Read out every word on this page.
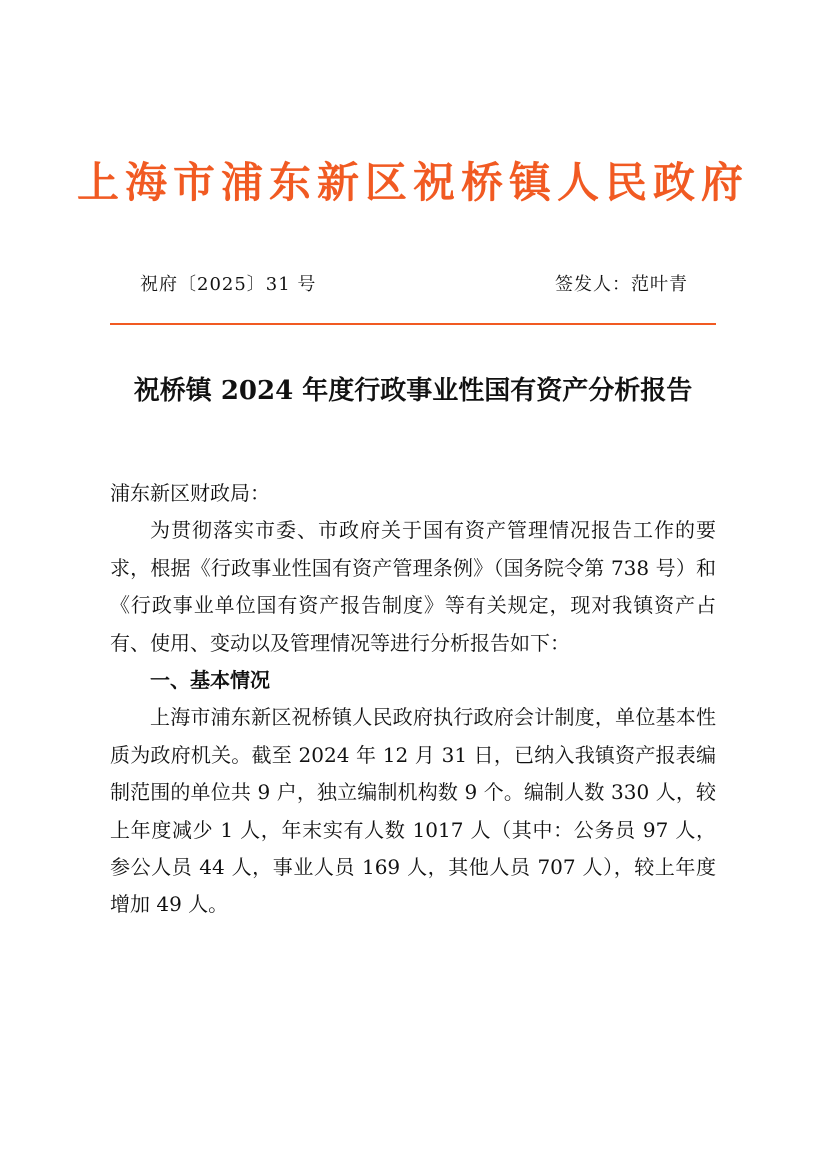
上海市浦东新区祝桥镇人民政府
祝府〔2025〕31 号	签发人：范叶青
祝桥镇 2024 年度行政事业性国有资产分析报告

浦东新区财政局：

为贯彻落实市委、市政府关于国有资产管理情况报告工作的要求，根据《行政事业性国有资产管理条例》（国务院令第 738 号）和《行政事业单位国有资产报告制度》等有关规定，现对我镇资产占有、使用、变动以及管理情况等进行分析报告如下：

一、基本情况

上海市浦东新区祝桥镇人民政府执行政府会计制度，单位基本性质为政府机关。截至 2024 年 12 月 31 日，已纳入我镇资产报表编制范围的单位共 9 户，独立编制机构数 9 个。编制人数 330 人，较上年度减少 1 人，年末实有人数 1017 人（其中：公务员 97 人，参公人员 44 人，事业人员 169 人，其他人员 707 人），较上年度增加 49 人。
